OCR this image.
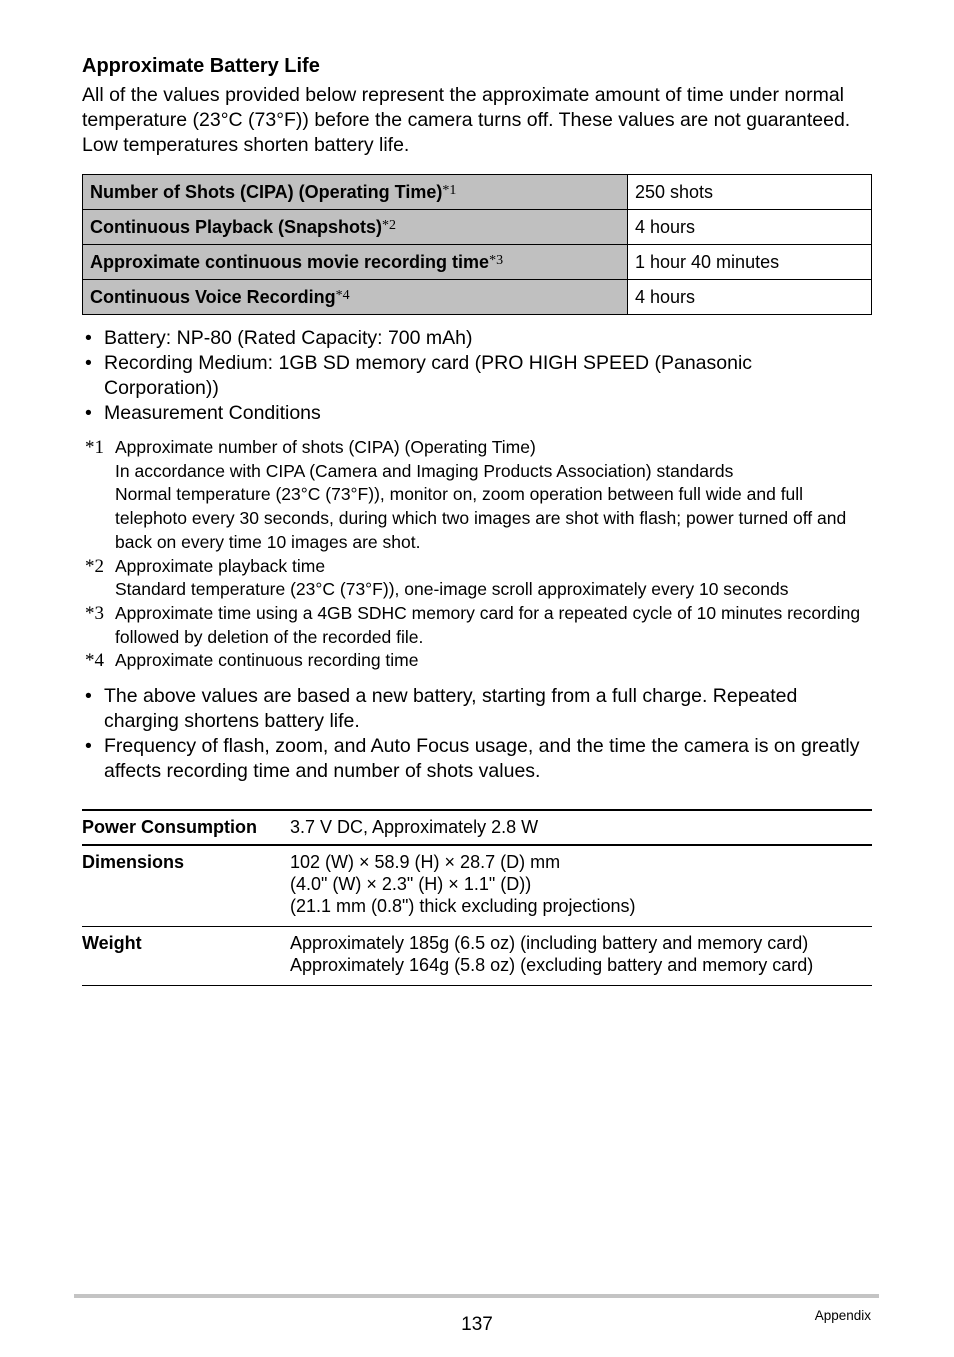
Approximate Battery Life
All of the values provided below represent the approximate amount of time under normal temperature (23°C (73°F)) before the camera turns off. These values are not guaranteed. Low temperatures shorten battery life.
Number of Shots (CIPA) (Operating Time)$^{*1}$	250 shots
Continuous Playback (Snapshots)$^{*2}$	4 hours
Approximate continuous movie recording time$^{*3}$	1 hour 40 minutes
Continuous Voice Recording$^{*4}$	4 hours
• Battery: NP-80 (Rated Capacity: 700 mAh)
• Recording Medium: 1GB SD memory card (PRO HIGH SPEED (Panasonic Corporation))
• Measurement Conditions
*1 Approximate number of shots (CIPA) (Operating Time)
In accordance with CIPA (Camera and Imaging Products Association) standards
Normal temperature (23°C (73°F)), monitor on, zoom operation between full wide and full telephoto every 30 seconds, during which two images are shot with flash; power turned off and back on every time 10 images are shot.
*2 Approximate playback time
Standard temperature (23°C (73°F)), one-image scroll approximately every 10 seconds
*3 Approximate time using a 4GB SDHC memory card for a repeated cycle of 10 minutes recording followed by deletion of the recorded file.
*4 Approximate continuous recording time
• The above values are based a new battery, starting from a full charge. Repeated charging shortens battery life.
• Frequency of flash, zoom, and Auto Focus usage, and the time the camera is on greatly affects recording time and number of shots values.
Power Consumption	3.7 V DC, Approximately 2.8 W

Dimensions	102 (W) × 58.9 (H) × 28.7 (D) mm
(4.0" (W) × 2.3" (H) × 1.1" (D))
(21.1 mm (0.8") thick excluding projections)

Weight	Approximately 185g (6.5 oz) (including battery and memory card)
Approximately 164g (5.8 oz) (excluding battery and memory card)
137	Appendix
